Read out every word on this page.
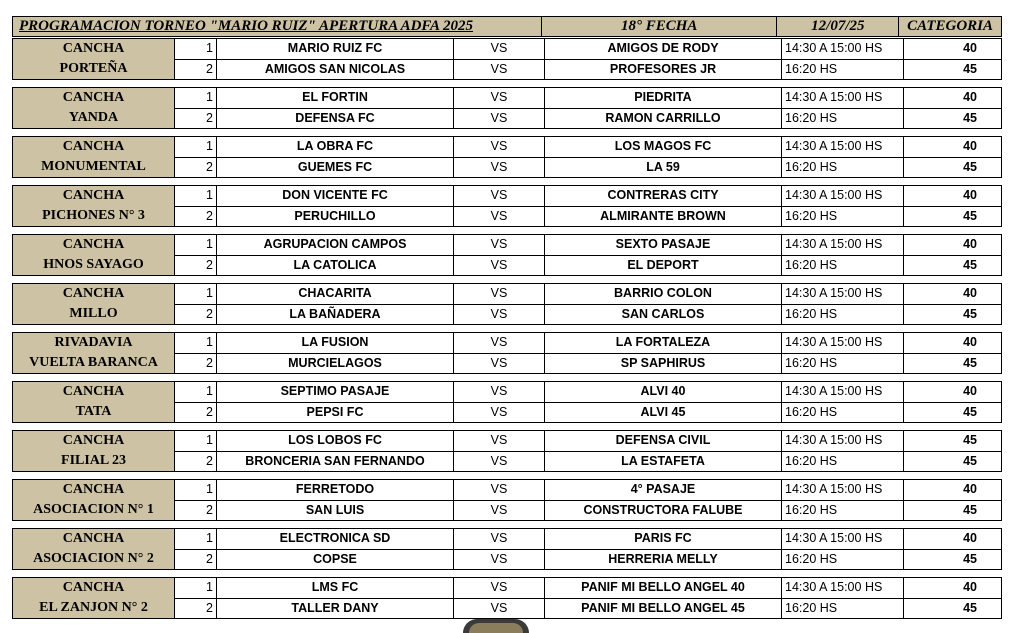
PROGRAMACION TORNEO "MARIO RUIZ" APERTURA ADFA 2025	18° FECHA	12/07/25	CATEGORIA
CANCHA
PORTEÑA
1	MARIO RUIZ FC	VS	AMIGOS DE RODY	14:30 A 15:00 HS	40
2	AMIGOS SAN NICOLAS	VS	PROFESORES JR	16:20 HS	45
CANCHA
YANDA
1	EL FORTIN	VS	PIEDRITA	14:30 A 15:00 HS	40
2	DEFENSA FC	VS	RAMON CARRILLO	16:20 HS	45
CANCHA
MONUMENTAL
1	LA OBRA FC	VS	LOS MAGOS FC	14:30 A 15:00 HS	40
2	GUEMES FC	VS	LA 59	16:20 HS	45
CANCHA
PICHONES N° 3
1	DON VICENTE FC	VS	CONTRERAS CITY	14:30 A 15:00 HS	40
2	PERUCHILLO	VS	ALMIRANTE BROWN	16:20 HS	45
CANCHA
HNOS SAYAGO
1	AGRUPACION CAMPOS	VS	SEXTO PASAJE	14:30 A 15:00 HS	40
2	LA CATOLICA	VS	EL DEPORT	16:20 HS	45
CANCHA
MILLO
1	CHACARITA	VS	BARRIO COLON	14:30 A 15:00 HS	40
2	LA BAÑADERA	VS	SAN CARLOS	16:20 HS	45
RIVADAVIA
VUELTA BARANCA
1	LA FUSION	VS	LA FORTALEZA	14:30 A 15:00 HS	40
2	MURCIELAGOS	VS	SP SAPHIRUS	16:20 HS	45
CANCHA
TATA
1	SEPTIMO PASAJE	VS	ALVI 40	14:30 A 15:00 HS	40
2	PEPSI FC	VS	ALVI 45	16:20 HS	45
CANCHA
FILIAL 23
1	LOS LOBOS FC	VS	DEFENSA CIVIL	14:30 A 15:00 HS	45
2	BRONCERIA SAN FERNANDO	VS	LA ESTAFETA	16:20 HS	45
CANCHA
ASOCIACION N° 1
1	FERRETODO	VS	4° PASAJE	14:30 A 15:00 HS	40
2	SAN LUIS	VS	CONSTRUCTORA FALUBE	16:20 HS	45
CANCHA
ASOCIACION N° 2
1	ELECTRONICA SD	VS	PARIS FC	14:30 A 15:00 HS	40
2	COPSE	VS	HERRERIA MELLY	16:20 HS	45
CANCHA
EL ZANJON N° 2
1	LMS FC	VS	PANIF MI BELLO ANGEL 40	14:30 A 15:00 HS	40
2	TALLER DANY	VS	PANIF MI BELLO ANGEL 45	16:20 HS	45
